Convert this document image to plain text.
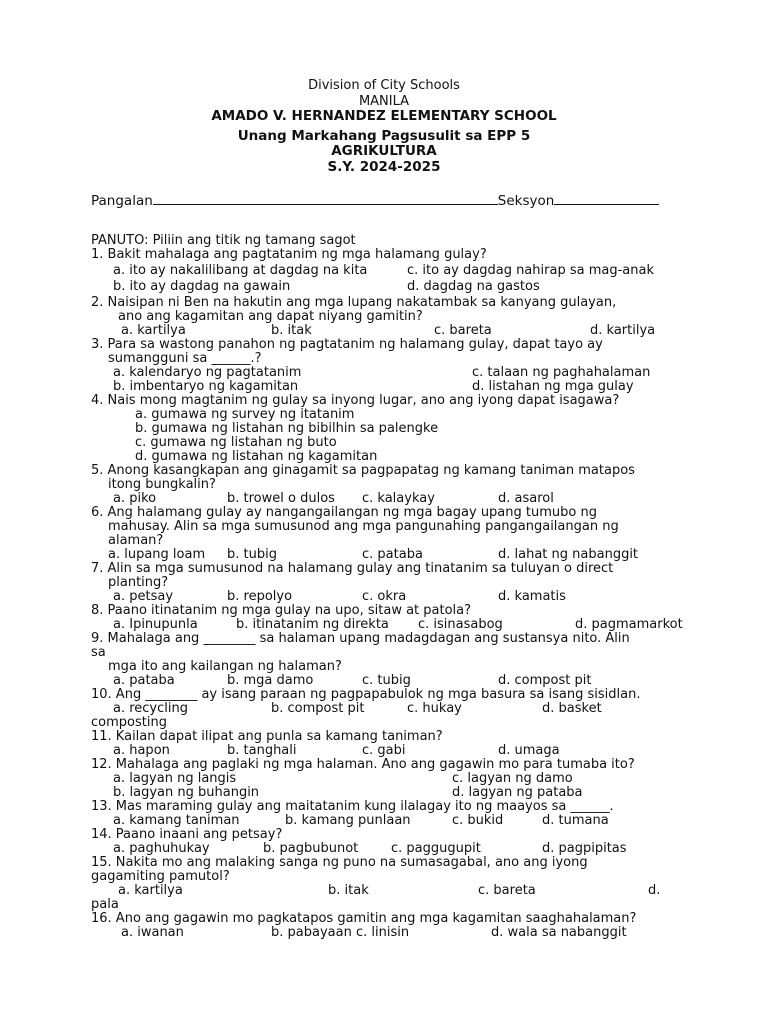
Division of City Schools
MANILA
AMADO V. HERNANDEZ ELEMENTARY SCHOOL
Unang Markahang Pagsusulit sa EPP 5
AGRIKULTURA
S.Y. 2024-2025
Pangalan	Seksyon
PANUTO: Piliin ang titik ng tamang sagot
1. Bakit mahalaga ang pagtatanim ng mga halamang gulay?
a. ito ay nakalilibang at dagdag na kita	c. ito ay dagdag nahirap sa mag-anak
b. ito ay dagdag na gawain	d. dagdag na gastos
2. Naisipan ni Ben na hakutin ang mga lupang nakatambak sa kanyang gulayan,
ano ang kagamitan ang dapat niyang gamitin?
a. kartilya	b. itak	c. bareta	d. kartilya
3. Para sa wastong panahon ng pagtatanim ng halamang gulay, dapat tayo ay
sumangguni sa ______.?
a. kalendaryo ng pagtatanim	c. talaan ng paghahalaman
b. imbentaryo ng kagamitan	d. listahan ng mga gulay
4. Nais mong magtanim ng gulay sa inyong lugar, ano ang iyong dapat isagawa?
a. gumawa ng survey ng itatanim
b. gumawa ng listahan ng bibilhin sa palengke
c. gumawa ng listahan ng buto
d. gumawa ng listahan ng kagamitan
5. Anong kasangkapan ang ginagamit sa pagpapatag ng kamang taniman matapos
itong bungkalin?
a. piko	b. trowel o dulos c. kalaykay	d. asarol
6. Ang halamang gulay ay nangangailangan ng mga bagay upang tumubo ng
mahusay. Alin sa mga sumusunod ang mga pangunahing pangangailangan ng
alaman?
a. lupang loam b. tubig	c. pataba	d. lahat ng nabanggit
7. Alin sa mga sumusunod na halamang gulay ang tinatanim sa tuluyan o direct
planting?
a. petsay	b. repolyo	c. okra	d. kamatis
8. Paano itinatanim ng mga gulay na upo, sitaw at patola?
a. Ipinupunla	b. itinatanim ng direkta c. isinasabog	d. pagmamarkot
9. Mahalaga ang ________ sa halaman upang madagdagan ang sustansya nito. Alin
sa
mga ito ang kailangan ng halaman?
a. pataba	b. mga damo	c. tubig	d. compost pit
10. Ang ________ ay isang paraan ng pagpapabulok ng mga basura sa isang sisidlan.
a. recycling	b. compost pit	c. hukay	d. basket
composting
11. Kailan dapat ilipat ang punla sa kamang taniman?
a. hapon	b. tanghali	c. gabi	d. umaga
12. Mahalaga ang paglaki ng mga halaman. Ano ang gagawin mo para tumaba ito?
a. lagyan ng langis	c. lagyan ng damo
b. lagyan ng buhangin	d. lagyan ng pataba
13. Mas maraming gulay ang maitatanim kung ilalagay ito ng maayos sa ______.
a. kamang taniman	b. kamang punlaan	c. bukid	d. tumana
14. Paano inaani ang petsay?
a. paghuhukay	b. pagbubunot	c. paggugupit	d. pagpipitas
15. Nakita mo ang malaking sanga ng puno na sumasagabal, ano ang iyong
gagamiting pamutol?
a. kartilya	b. itak	c. bareta	d.
pala
16. Ano ang gagawin mo pagkatapos gamitin ang mga kagamitan saaghahalaman?
a. iwanan	b. pabayaan c. linisin	d. wala sa nabanggit
